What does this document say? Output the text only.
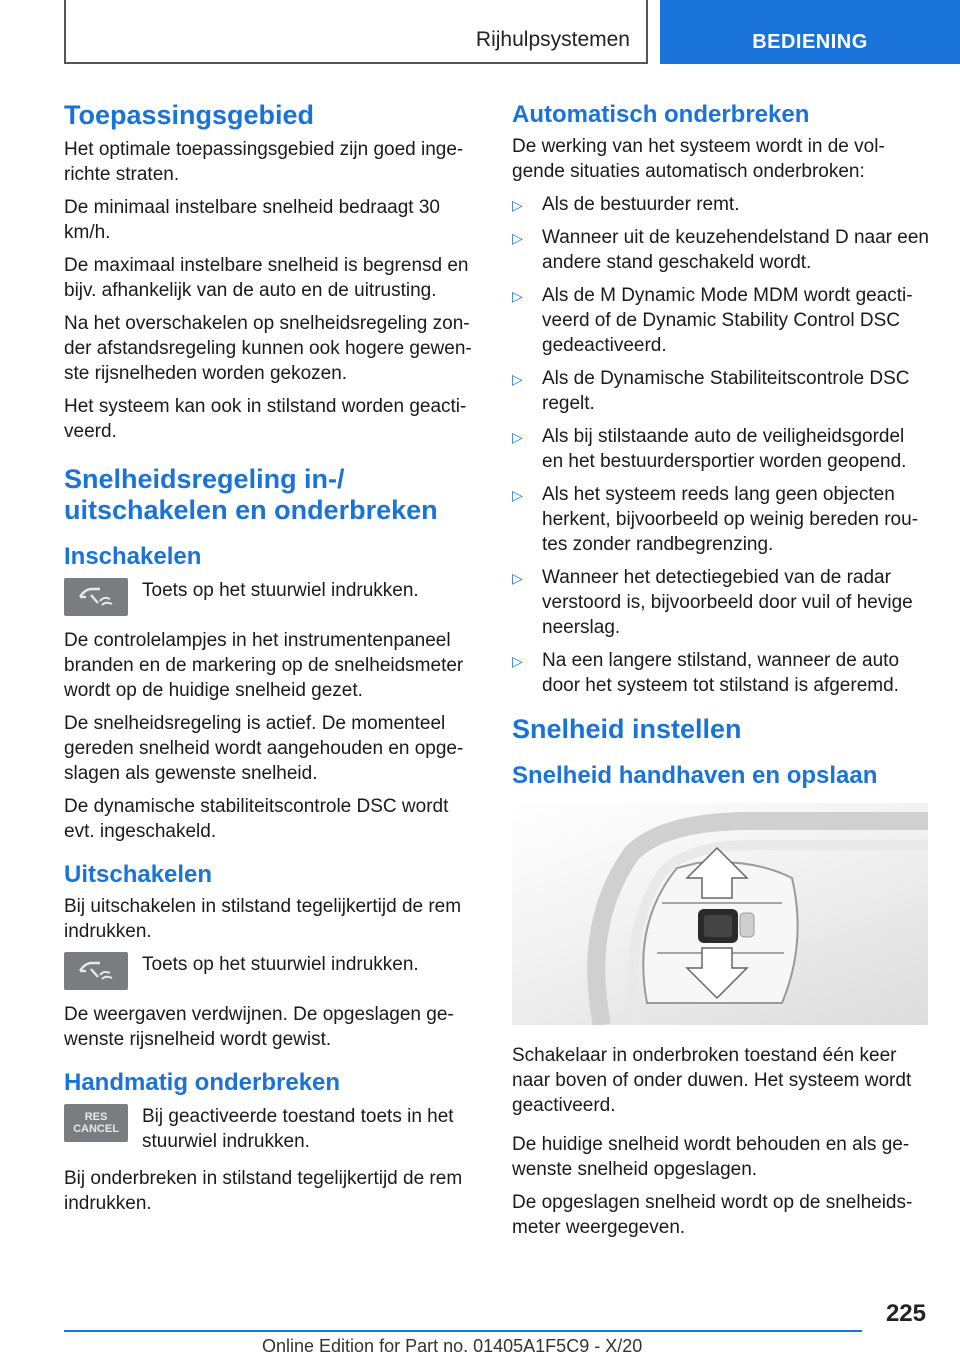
Rijhulpsystemen	BEDIENING
Toepassingsgebied

Het optimale toepassingsgebied zijn goed inge-richte straten.

De minimaal instelbare snelheid bedraagt 30 km/h.

De maximaal instelbare snelheid is begrensd en bijv. afhankelijk van de auto en de uitrusting.

Na het overschakelen op snelheidsregeling zon-der afstandsregeling kunnen ook hogere gewen-ste rijsnelheden worden gekozen.

Het systeem kan ook in stilstand worden geacti-veerd.

Snelheidsregeling in-/ uitschakelen en onderbreken
Inschakelen

Toets op het stuurwiel indrukken.

De controlelampjes in het instrumentenpaneel branden en de markering op de snelheidsmeter wordt op de huidige snelheid gezet.

De snelheidsregeling is actief. De momenteel gereden snelheid wordt aangehouden en opge-slagen als gewenste snelheid.

De dynamische stabiliteitscontrole DSC wordt evt. ingeschakeld.

Uitschakelen

Bij uitschakelen in stilstand tegelijkertijd de rem indrukken.

Toets op het stuurwiel indrukken.

De weergaven verdwijnen. De opgeslagen ge-wenste rijsnelheid wordt gewist.

Handmatig onderbreken
RES
CANCEL

Bij geactiveerde toestand toets in het stuurwiel indrukken.

Bij onderbreken in stilstand tegelijkertijd de rem indrukken.

Automatisch onderbreken

De werking van het systeem wordt in de vol-gende situaties automatisch onderbroken:

▷ Als de bestuurder remt.
▷ Wanneer uit de keuzehendelstand D naar een andere stand geschakeld wordt.
▷ Als de M Dynamic Mode MDM wordt geacti-veerd of de Dynamic Stability Control DSC gedeactiveerd.
▷ Als de Dynamische Stabiliteitscontrole DSC regelt.
▷ Als bij stilstaande auto de veiligheidsgordel en het bestuurdersportier worden geopend.
▷ Als het systeem reeds lang geen objecten herkent, bijvoorbeeld op weinig bereden rou-tes zonder randbegrenzing.
▷ Wanneer het detectiegebied van de radar verstoord is, bijvoorbeeld door vuil of hevige neerslag.
▷ Na een langere stilstand, wanneer de auto door het systeem tot stilstand is afgeremd.
Snelheid instellen
Snelheid handhaven en opslaan

Schakelaar in onderbroken toestand één keer naar boven of onder duwen. Het systeem wordt geactiveerd.

De huidige snelheid wordt behouden en als ge-wenste snelheid opgeslagen.

De opgeslagen snelheid wordt op de snelheids-meter weergegeven.

225
Online Edition for Part no. 01405A1F5C9 - X/20
